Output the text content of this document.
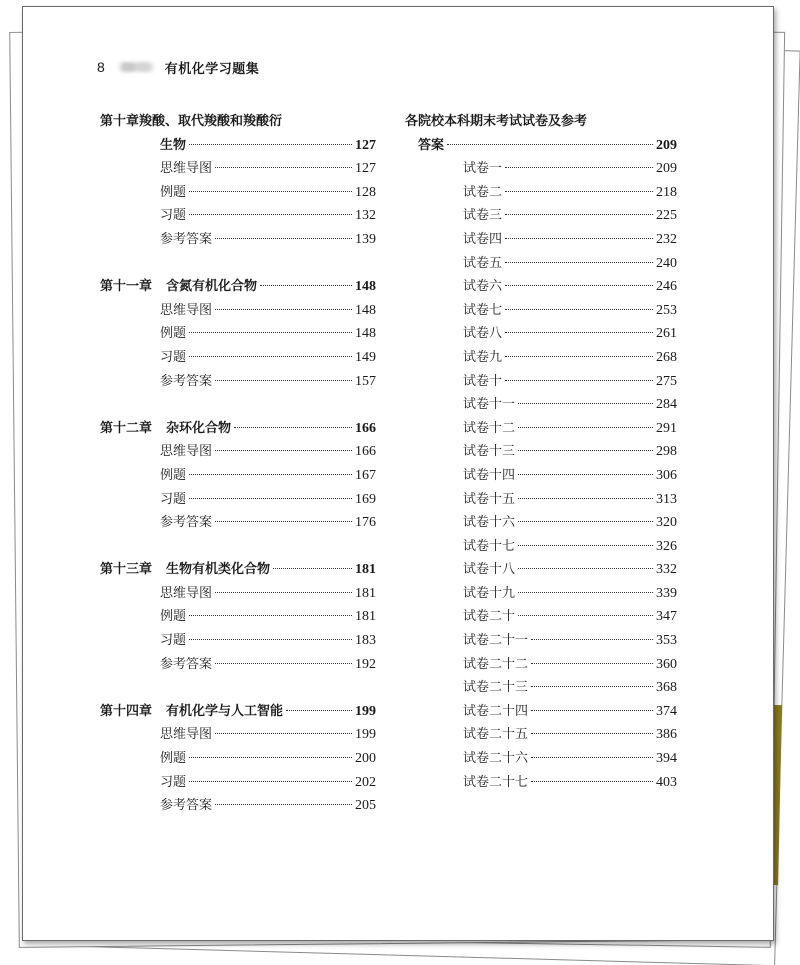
8	有机化学习题集
第十章羧酸、取代羧酸和羧酸衍
生物	127
思维导图	127
例题	128
习题	132
参考答案	139
第十一章 含氮有机化合物	148
思维导图	148
例题	148
习题	149
参考答案	157
第十二章 杂环化合物	166
思维导图	166
例题	167
习题	169
参考答案	176
第十三章 生物有机类化合物	181
思维导图	181
例题	181
习题	183
参考答案	192
第十四章 有机化学与人工智能	199
思维导图	199
例题	200
习题	202
参考答案	205
各院校本科期末考试试卷及参考
答案	209
试卷一	209
试卷二	218
试卷三	225
试卷四	232
试卷五	240
试卷六	246
试卷七	253
试卷八	261
试卷九	268
试卷十	275
试卷十一	284
试卷十二	291
试卷十三	298
试卷十四	306
试卷十五	313
试卷十六	320
试卷十七	326
试卷十八	332
试卷十九	339
试卷二十	347
试卷二十一	353
试卷二十二	360
试卷二十三	368
试卷二十四	374
试卷二十五	386
试卷二十六	394
试卷二十七	403
